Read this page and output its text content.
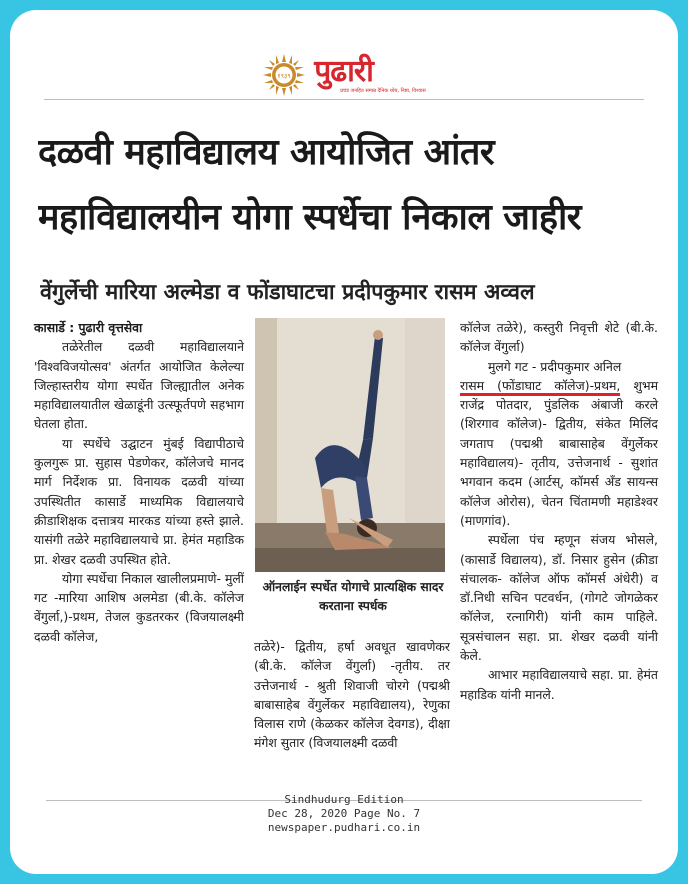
१९३९ पुढारी
प्रचंड जनहित सम्पन्न दैनिक ध्येय, निष्ठा, विश्वास
दळवी महाविद्यालय आयोजित आंतर
महाविद्यालयीन योगा स्पर्धेचा निकाल जाहीर
वेंगुर्लेची मारिया अल्मेडा व फोंडाघाटचा प्रदीपकुमार रासम अव्वल

कासार्डे : पुढारी वृत्तसेवा

तळेरेतील दळवी महाविद्यालयाने 'विश्वविजयोत्सव' अंतर्गत आयोजित केलेल्या जिल्हास्तरीय योगा स्पर्धेत जिल्ह्यातील अनेक महाविद्यालयातील खेळाडूंनी उत्स्फूर्तपणे सहभाग घेतला होता.

या स्पर्धेचे उद्घाटन मुंबई विद्यापीठाचे कुलगुरू प्रा. सुहास पेडणेकर, कॉलेजचे मानद मार्ग निर्देशक प्रा. विनायक दळवी यांच्या उपस्थितीत कासार्डे माध्यमिक विद्यालयाचे क्रीडाशिक्षक दत्तात्रय मारकड यांच्या हस्ते झाले. यासंगी तळेरे महाविद्यालयाचे प्रा. हेमंत महाडिक प्रा. शेखर दळवी उपस्थित होते.

योगा स्पर्धेचा निकाल खालीलप्रमाणे- मुलीं गट -मारिया आशिष अलमेडा (बी.के. कॉलेज वेंगुर्ला,)-प्रथम, तेजल कुडतरकर (विजयालक्ष्मी दळवी कॉलेज,

ऑनलाईन स्पर्धेत योगाचे प्रात्यक्षिक सादर करताना स्पर्धक

तळेरे)- द्वितीय, हर्षा अवधूत खावणेकर (बी.के. कॉलेज वेंगुर्ला) -तृतीय. तर उत्तेजनार्थ - श्रुती शिवाजी चोरगे (पद्मश्री बाबासाहेब वेंगुर्लेकर महाविद्यालय), रेणुका विलास राणे (केळकर कॉलेज देवगड), दीक्षा मंगेश सुतार (विजयालक्ष्मी दळवी

कॉलेज तळेरे), कस्तुरी निवृत्ती शेटे (बी.के. कॉलेज वेंगुर्ला)

मुलगे गट - प्रदीपकुमार अनिल

रासम (फोंडाघाट कॉलेज)-प्रथम, शुभम राजेंद्र पोतदार, पुंडलिक अंबाजी करले (शिरगाव कॉलेज)- द्वितीय, संकेत मिलिंद जगताप (पद्मश्री बाबासाहेब वेंगुर्लेकर महाविद्यालय)- तृतीय, उत्तेजनार्थ - सुशांत भगवान कदम (आर्टस्, कॉमर्स अँड सायन्स कॉलेज ओरोस), चेतन चिंतामणी महाडेश्वर (माणगांव).

स्पर्धेला पंच म्हणून संजय भोसले, (कासार्डे विद्यालय), डॉ. निसार हुसेन (क्रीडा संचालक- कॉलेज ऑफ कॉमर्स अंधेरी) व डॉ.निधी सचिन पटवर्धन, (गोगटे जोगळेकर कॉलेज, रत्नागिरी) यांनी काम पाहिले. सूत्रसंचालन सहा. प्रा. शेखर दळवी यांनी केले.

आभार महाविद्यालयाचे सहा. प्रा. हेमंत महाडिक यांनी मानले.

Sindhudurg Edition
Dec 28, 2020 Page No. 7
newspaper.pudhari.co.in
